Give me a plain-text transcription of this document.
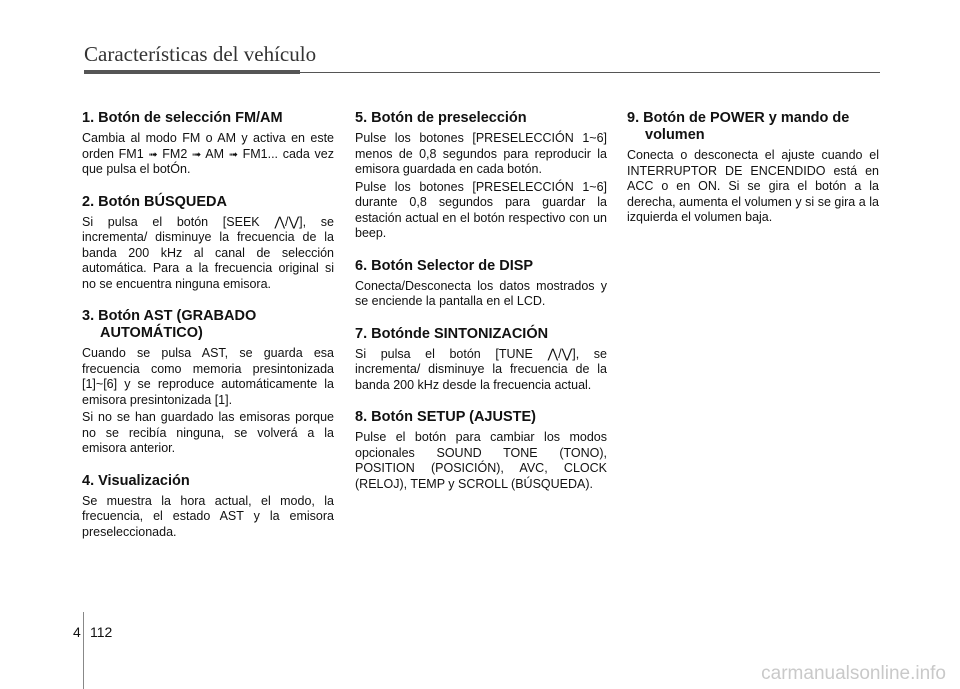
Características del vehículo
1. Botón de selección FM/AM

Cambia al modo FM o AM y activa en este orden FM1 ➟ FM2 ➟ AM ➟ FM1... cada vez que pulsa el botÓn.

2. Botón BÚSQUEDA

Si pulsa el botón [SEEK ⋀/⋁], se incrementa/ disminuye la frecuencia de la banda 200 kHz al canal de selección automática. Para a la frecuencia original si no se encuentra ninguna emisora.

3. Botón AST (GRABADO AUTOMÁTICO)

Cuando se pulsa AST, se guarda esa frecuencia como memoria presintonizada [1]~[6] y se reproduce automáticamente la emisora presintonizada [1].

Si no se han guardado las emisoras porque no se recibía ninguna, se volverá a la emisora anterior.

4. Visualización

Se muestra la hora actual, el modo, la frecuencia, el estado AST y la emisora preseleccionada.

5. Botón de preselección

Pulse los botones [PRESELECCIÓN 1~6] menos de 0,8 segundos para reproducir la emisora guardada en cada botón.

Pulse los botones [PRESELECCIÓN 1~6] durante 0,8 segundos para guardar la estación actual en el botón respectivo con un beep.

6. Botón Selector de DISP

Conecta/Desconecta los datos mostrados y se enciende la pantalla en el LCD.

7. Botónde SINTONIZACIÓN

Si pulsa el botón [TUNE ⋀/⋁], se incrementa/ disminuye la frecuencia de la banda 200 kHz desde la frecuencia actual.

8. Botón SETUP (AJUSTE)

Pulse el botón para cambiar los modos opcionales SOUND TONE (TONO), POSITION (POSICIÓN), AVC, CLOCK (RELOJ), TEMP y SCROLL (BÚSQUEDA).

9. Botón de POWER y mando de volumen

Conecta o desconecta el ajuste cuando el INTERRUPTOR DE ENCENDIDO está en ACC o en ON. Si se gira el botón a la derecha, aumenta el volumen y si se gira a la izquierda el volumen baja.

4 112
carmanualsonline.info
